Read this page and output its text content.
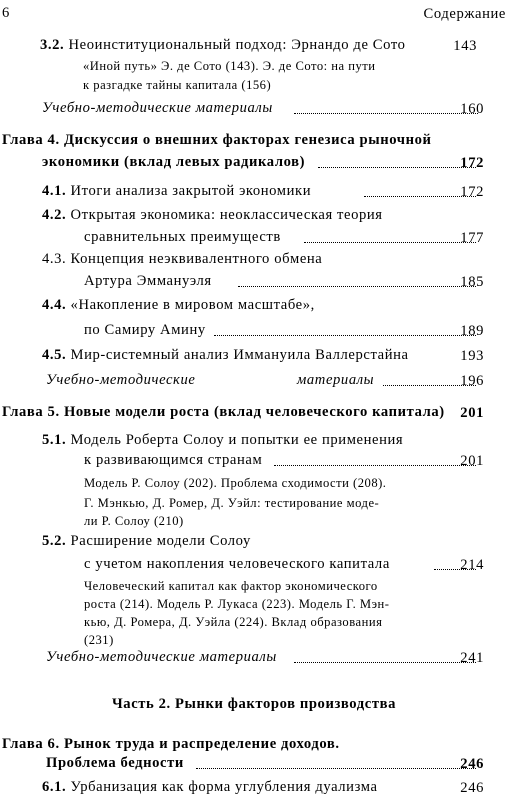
6	Содержание
3.2. Неоинституциональный подход: Эрнандо де Сото	143
«Иной путь» Э. де Сото (143). Э. де Сото: на пути
к разгадке тайны капитала (156)
Учебно-методические материалы	160
Глава 4. Дискуссия о внешних факторах генезиса рыночной
экономики (вклад левых радикалов)	172
4.1. Итоги анализа закрытой экономики	172
4.2. Открытая экономика: неоклассическая теория
сравнительных преимуществ	177
4.3. Концепция неэквивалентного обмена
Артура Эммануэля	185
4.4. «Накопление в мировом масштабе»,
по Самиру Амину	189
4.5. Мир-системный анализ Иммануила Валлерстайна	193
Учебно-методические	материалы	196
Глава 5. Новые модели роста (вклад человеческого капитала) 201
5.1. Модель Роберта Солоу и попытки ее применения
к развивающимся странам	201
Модель Р. Солоу (202). Проблема сходимости (208).
Г. Мэнкью, Д. Ромер, Д. Уэйл: тестирование моде-
ли Р. Солоу (210)
5.2. Расширение модели Солоу
с учетом накопления человеческого капитала	214
Человеческий капитал как фактор экономического
роста (214). Модель Р. Лукаса (223). Модель Г. Мэн-
кью, Д. Ромера, Д. Уэйла (224). Вклад образования
(231)
Учебно-методические материалы	241
Часть 2. Рынки факторов производства
Глава 6. Рынок труда и распределение доходов.
Проблема бедности	246
6.1. Урбанизация как форма углубления дуализма	246
